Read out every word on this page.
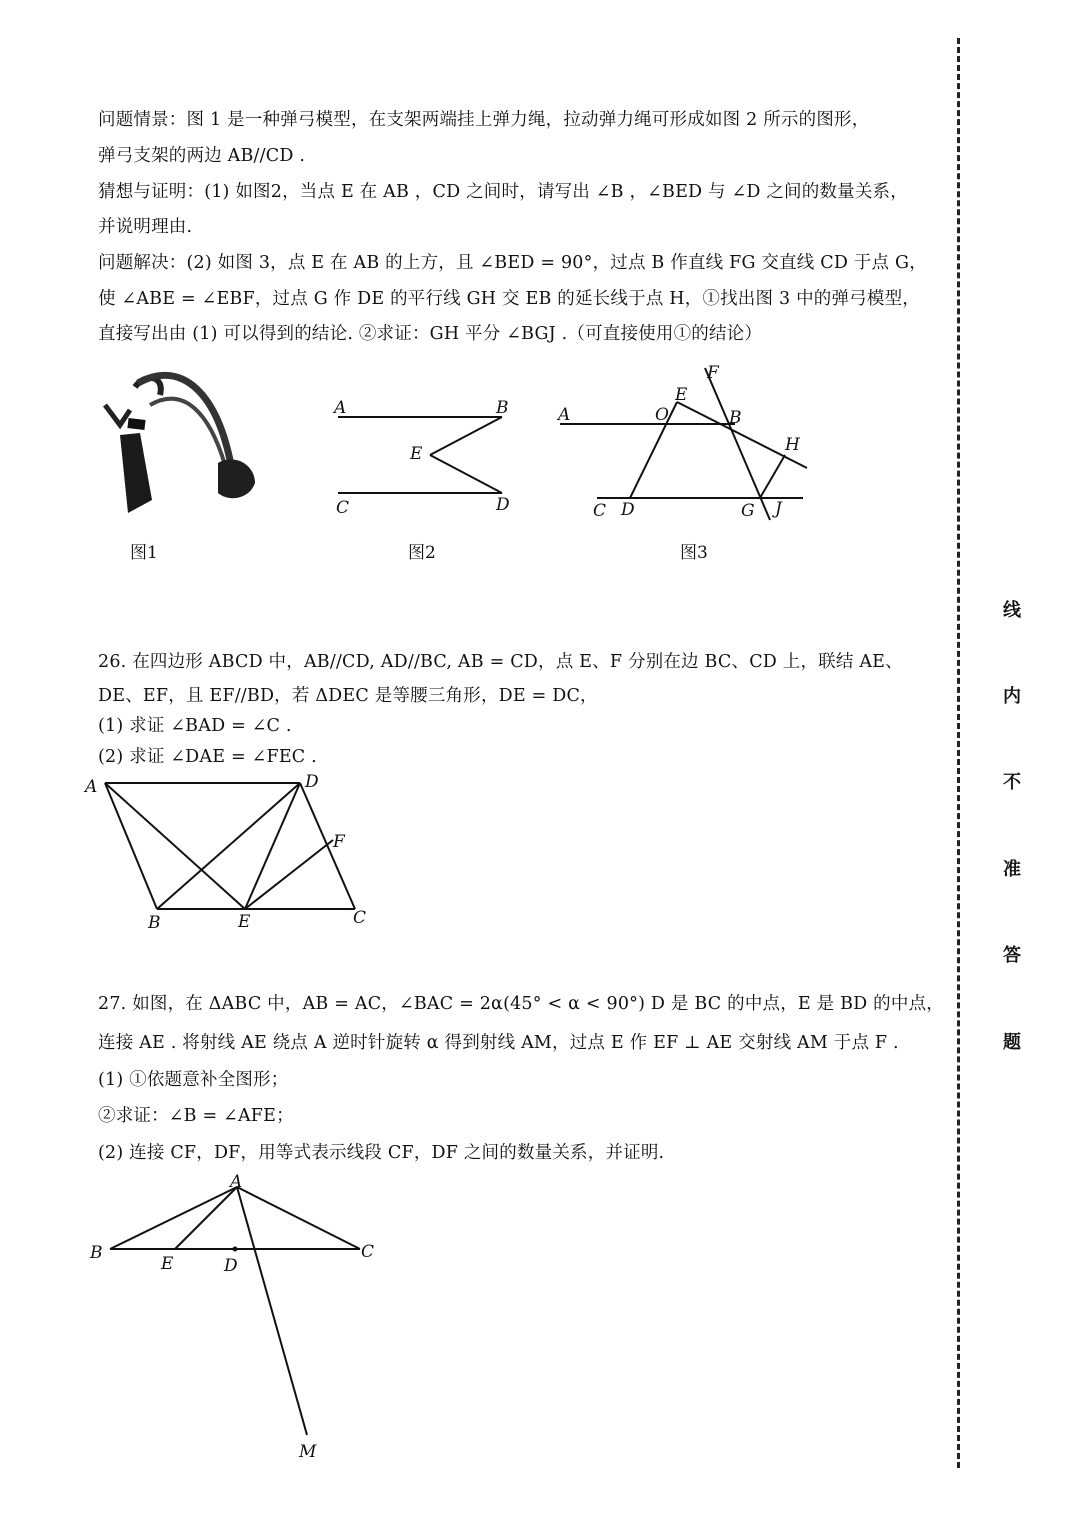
问题情景：图 1 是一种弹弓模型，在支架两端挂上弹力绳，拉动弹力绳可形成如图 2 所示的图形，
弹弓支架的两边 AB//CD .
猜想与证明：(1) 如图2，当点 E 在 AB ，CD 之间时，请写出 ∠B ，∠BED 与 ∠D 之间的数量关系，
并说明理由.
问题解决：(2) 如图 3，点 E 在 AB 的上方，且 ∠BED = 90°，过点 B 作直线 FG 交直线 CD 于点 G，
使 ∠ABE = ∠EBF，过点 G 作 DE 的平行线 GH 交 EB 的延长线于点 H，①找出图 3 中的弹弓模型，
直接写出由 (1) 可以得到的结论. ②求证：GH 平分 ∠BGJ .（可直接使用①的结论）
图1
A	B
E
C	D
图2
A	O
E
F
B
H
C D	G J
图3
26. 在四边形 ABCD 中，AB//CD, AD//BC, AB = CD，点 E、F 分别在边 BC、CD 上，联结 AE、
DE、EF，且 EF//BD，若 ΔDEC 是等腰三角形，DE = DC，
(1) 求证 ∠BAD = ∠C .
(2) 求证 ∠DAE = ∠FEC .
A	D
F
B	E	C
27. 如图，在 ΔABC 中，AB = AC，∠BAC = 2α(45° < α < 90°) D 是 BC 的中点，E 是 BD 的中点，
连接 AE . 将射线 AE 绕点 A 逆时针旋转 α 得到射线 AM，过点 E 作 EF ⊥ AE 交射线 AM 于点 F .
(1) ①依题意补全图形；
②求证：∠B = ∠AFE；
(2) 连接 CF，DF，用等式表示线段 CF，DF 之间的数量关系，并证明.
A
B
E	D
C
M
线
内
不
准
答
题
